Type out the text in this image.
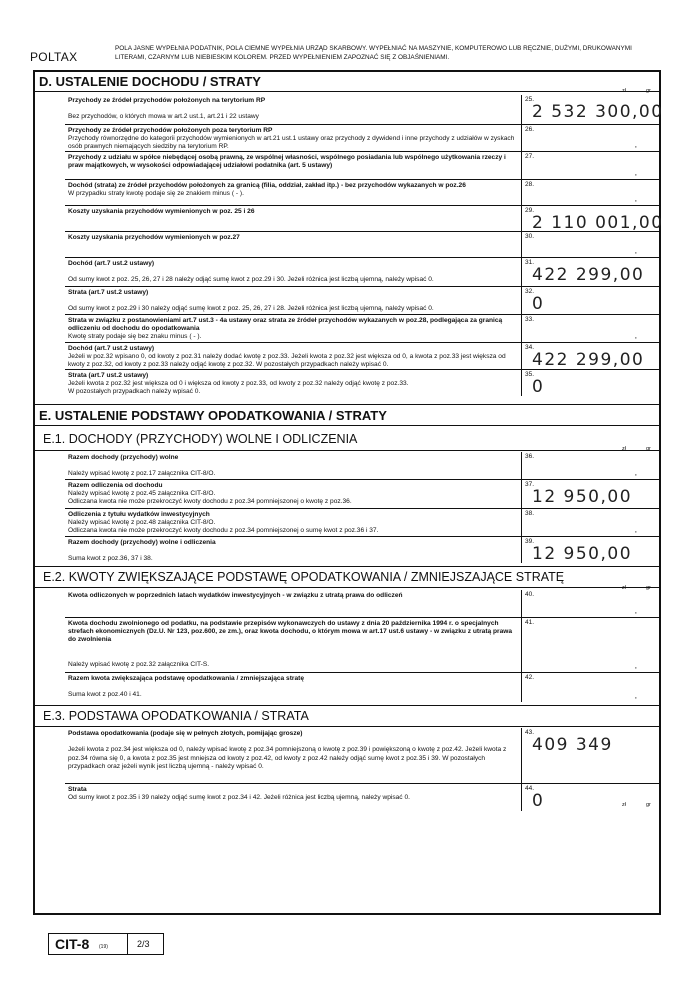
POLTAX
POLA JASNE WYPEŁNIA PODATNIK, POLA CIEMNE WYPEŁNIA URZĄD SKARBOWY. WYPEŁNIAĆ NA MASZYNIE, KOMPUTEROWO LUB RĘCZNIE, DUŻYMI, DRUKOWANYMI LITERAMI, CZARNYM LUB NIEBIESKIM KOLOREM. PRZED WYPEŁNIENIEM ZAPOZNAĆ SIĘ Z OBJAŚNIENIAMI.
D. USTALENIE DOCHODU / STRATY
zł	gr
Przychody ze źródeł przychodów położonych na terytorium RP

Bez przychodów, o których mowa w art.2 ust.1, art.21 i 22 ustawy
25.
2 532 300,00
Przychody ze źródeł przychodów położonych poza terytorium RP
Przychody równorzędne do kategorii przychodów wymienionych w art.21 ust.1 ustawy oraz przychody z dywidend i inne przychody z udziałów w zyskach osób prawnych niemających siedziby na terytorium RP.
26.
,
Przychody z udziału w spółce niebędącej osobą prawną, ze wspólnej własności, wspólnego posiadania lub wspólnego użytkowania rzeczy i praw majątkowych, w wysokości odpowiadającej udziałowi podatnika (art. 5 ustawy)
27.
,
Dochód (strata) ze źródeł przychodów położonych za granicą (filia, oddział, zakład itp.) - bez przychodów wykazanych w poz.26
W przypadku straty kwotę podaje się ze znakiem minus ( - ).
28.
,
Koszty uzyskania przychodów wymienionych w poz. 25 i 26	29.
2 110 001,00
Koszty uzyskania przychodów wymienionych w poz.27	30.
,
Dochód (art.7 ust.2 ustawy)

Od sumy kwot z poz. 25, 26, 27 i 28 należy odjąć sumę kwot z poz.29 i 30. Jeżeli różnica jest liczbą ujemną, należy wpisać 0.
31.
422 299,00
Strata (art.7 ust.2 ustawy)

Od sumy kwot z poz.29 i 30 należy odjąć sumę kwot z poz. 25, 26, 27 i 28. Jeżeli różnica jest liczbą ujemną, należy wpisać 0.
32.
0
Strata w związku z postanowieniami art.7 ust.3 - 4a ustawy oraz strata ze źródeł przychodów wykazanych w poz.28, podlegająca za granicą odliczeniu od dochodu do opodatkowania
Kwotę straty podaje się bez znaku minus ( - ).
33.
,
Dochód (art.7 ust.2 ustawy)
Jeżeli w poz.32 wpisano 0, od kwoty z poz.31 należy dodać kwotę z poz.33. Jeżeli kwota z poz.32 jest większa od 0, a kwota z poz.33 jest większa od kwoty z poz.32, od kwoty z poz.33 należy odjąć kwotę z poz.32. W pozostałych przypadkach należy wpisać 0.
34.
422 299,00
Strata (art.7 ust.2 ustawy)
Jeżeli kwota z poz.32 jest większa od 0 i większa od kwoty z poz.33, od kwoty z poz.32 należy odjąć kwotę z poz.33.
W pozostałych przypadkach należy wpisać 0.
35.
0
E. USTALENIE PODSTAWY OPODATKOWANIA / STRATY
E.1. DOCHODY (PRZYCHODY) WOLNE I ODLICZENIA
Razem dochody (przychody) wolne

Należy wpisać kwotę z poz.17 załącznika CIT-8/O.
36.
,
Razem odliczenia od dochodu
Należy wpisać kwotę z poz.45 załącznika CIT-8/O.
Odliczana kwota nie może przekroczyć kwoty dochodu z poz.34 pomniejszonej o kwotę z poz.36.
37.
12 950,00
Odliczenia z tytułu wydatków inwestycyjnych
Należy wpisać kwotę z poz.48 załącznika CIT-8/O.
Odliczana kwota nie może przekroczyć kwoty dochodu z poz.34 pomniejszonej o sumę kwot z poz.36 i 37.
38.
,
Razem dochody (przychody) wolne i odliczenia

Suma kwot z poz.36, 37 i 38.
39.
12 950,00
E.2. KWOTY ZWIĘKSZAJĄCE PODSTAWĘ OPODATKOWANIA / ZMNIEJSZAJĄCE STRATĘ
Kwota odliczonych w poprzednich latach wydatków inwestycyjnych - w związku z utratą prawa do odliczeń	40.
,
Kwota dochodu zwolnionego od podatku, na podstawie przepisów wykonawczych do ustawy z dnia 20 października 1994 r. o specjalnych strefach ekonomicznych (Dz.U. Nr 123, poz.600, ze zm.), oraz kwota dochodu, o którym mowa w art.17 ust.6 ustawy - w związku z utratą prawa do zwolnienia

Należy wpisać kwotę z poz.32 załącznika CIT-S.
41.
,
Razem kwota zwiększająca podstawę opodatkowania / zmniejszająca stratę

Suma kwot z poz.40 i 41.
42.
,
E.3. PODSTAWA OPODATKOWANIA / STRATA
Podstawa opodatkowania (podaje się w pełnych złotych, pomijając grosze)

Jeżeli kwota z poz.34 jest większa od 0, należy wpisać kwotę z poz.34 pomniejszoną o kwotę z poz.39 i powiększoną o kwotę z poz.42. Jeżeli kwota z poz.34 równa się 0, a kwota z poz.35 jest mniejsza od kwoty z poz.42, od kwoty z poz.42 należy odjąć sumę kwot z poz.35 i 39. W pozostałych przypadkach oraz jeżeli wynik jest liczbą ujemną - należy wpisać 0.
43.
409 349
Strata
Od sumy kwot z poz.35 i 39 należy odjąć sumę kwot z poz.34 i 42. Jeżeli różnica jest liczbą ujemną, należy wpisać 0.
44.
0
CIT-8 (19)	2/3
zł	gr
zł	gr
zł	gr
